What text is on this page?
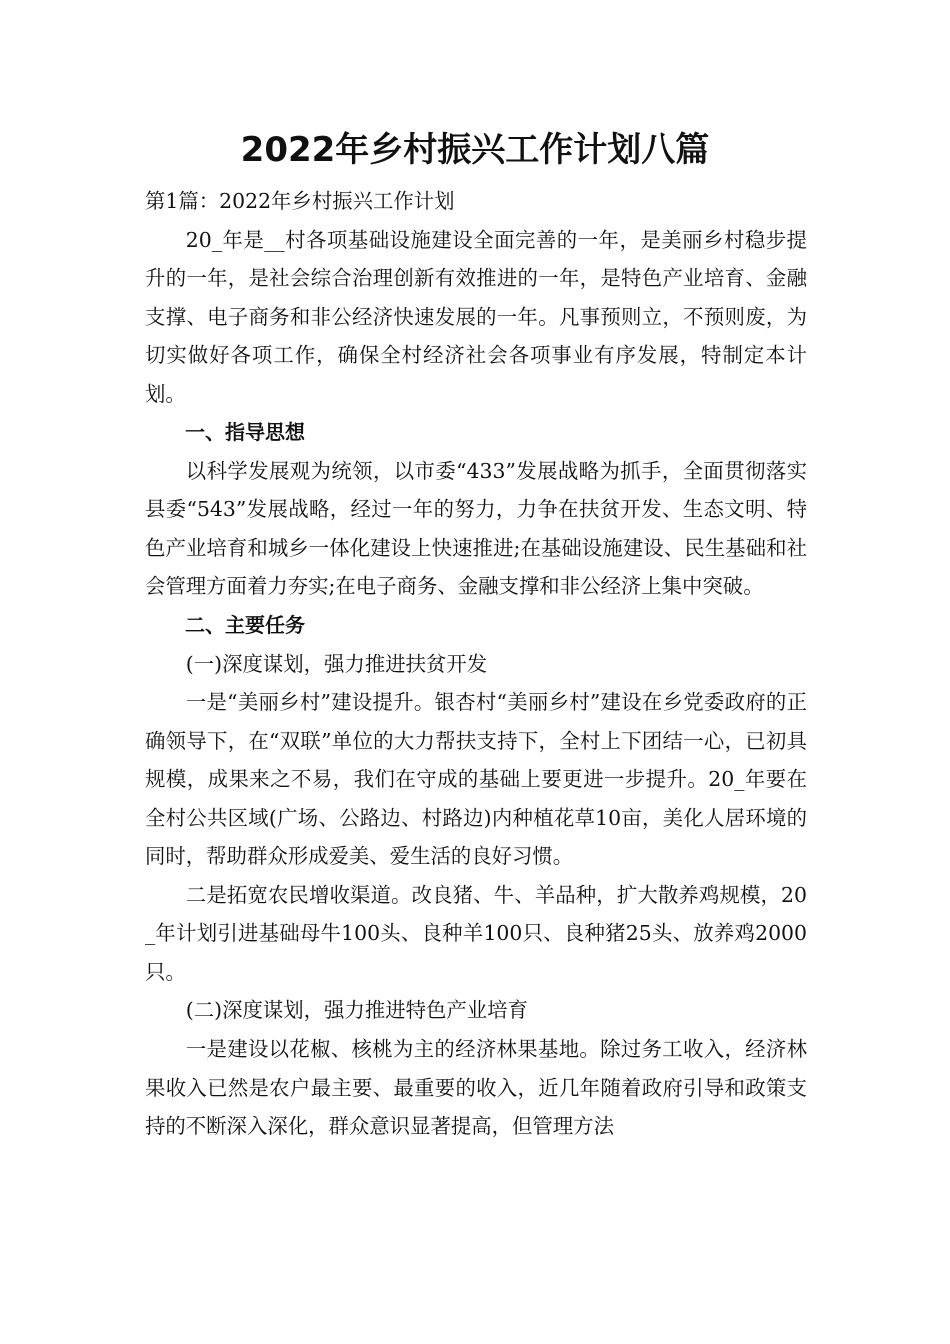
2022年乡村振兴工作计划八篇

第1篇：2022年乡村振兴工作计划

20_年是__村各项基础设施建设全面完善的一年，是美丽乡村稳步提升的一年，是社会综合治理创新有效推进的一年，是特色产业培育、金融支撑、电子商务和非公经济快速发展的一年。凡事预则立，不预则废，为切实做好各项工作，确保全村经济社会各项事业有序发展，特制定本计划。

一、指导思想

以科学发展观为统领，以市委“433”发展战略为抓手，全面贯彻落实县委“543”发展战略，经过一年的努力，力争在扶贫开发、生态文明、特色产业培育和城乡一体化建设上快速推进;在基础设施建设、民生基础和社会管理方面着力夯实;在电子商务、金融支撑和非公经济上集中突破。

二、主要任务

(一)深度谋划，强力推进扶贫开发

一是“美丽乡村”建设提升。银杏村“美丽乡村”建设在乡党委政府的正确领导下，在“双联”单位的大力帮扶支持下，全村上下团结一心，已初具规模，成果来之不易，我们在守成的基础上要更进一步提升。20_年要在全村公共区域(广场、公路边、村路边)内种植花草10亩，美化人居环境的同时，帮助群众形成爱美、爱生活的良好习惯。

二是拓宽农民增收渠道。改良猪、牛、羊品种，扩大散养鸡规模，20_年计划引进基础母牛100头、良种羊100只、良种猪25头、放养鸡2000只。

(二)深度谋划，强力推进特色产业培育

一是建设以花椒、核桃为主的经济林果基地。除过务工收入，经济林果收入已然是农户最主要、最重要的收入，近几年随着政府引导和政策支持的不断深入深化，群众意识显著提高，但管理方法
